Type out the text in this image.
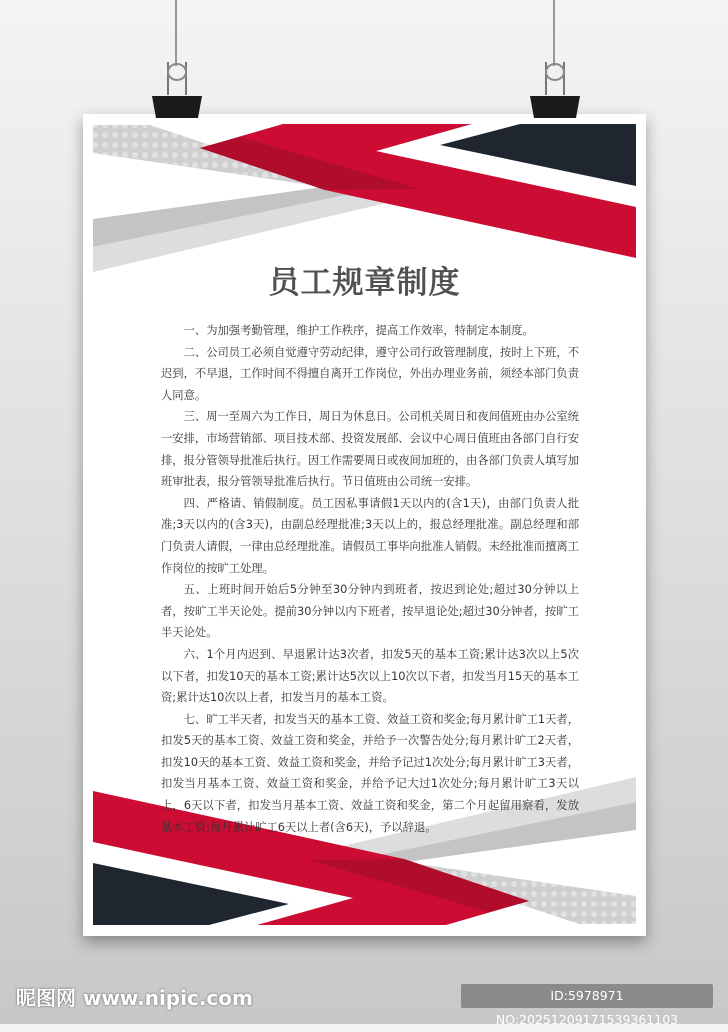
员工规章制度

一、为加强考勤管理，维护工作秩序，提高工作效率，特制定本制度。

二、公司员工必须自觉遵守劳动纪律，遵守公司行政管理制度，按时上下班，不迟到，不早退，工作时间不得擅自离开工作岗位，外出办理业务前，须经本部门负责人同意。

三、周一至周六为工作日，周日为休息日。公司机关周日和夜间值班由办公室统一安排，市场营销部、项目技术部、投资发展部、会议中心周日值班由各部门自行安排，报分管领导批准后执行。因工作需要周日或夜间加班的，由各部门负责人填写加班审批表，报分管领导批准后执行。节日值班由公司统一安排。

四、严格请、销假制度。员工因私事请假1天以内的(含1天)，由部门负责人批准;3天以内的(含3天)，由副总经理批准;3天以上的，报总经理批准。副总经理和部门负责人请假，一律由总经理批准。请假员工事毕向批准人销假。未经批准而擅离工作岗位的按旷工处理。

五、上班时间开始后5分钟至30分钟内到班者，按迟到论处;超过30分钟以上者，按旷工半天论处。提前30分钟以内下班者，按早退论处;超过30分钟者，按旷工半天论处。

六、1个月内迟到、早退累计达3次者，扣发5天的基本工资;累计达3次以上5次以下者，扣发10天的基本工资;累计达5次以上10次以下者，扣发当月15天的基本工资;累计达10次以上者，扣发当月的基本工资。

七、旷工半天者，扣发当天的基本工资、效益工资和奖金;每月累计旷工1天者，扣发5天的基本工资、效益工资和奖金，并给予一次警告处分;每月累计旷工2天者，扣发10天的基本工资、效益工资和奖金，并给予记过1次处分;每月累计旷工3天者，扣发当月基本工资、效益工资和奖金，并给予记大过1次处分;每月累计旷工3天以上，6天以下者，扣发当月基本工资、效益工资和奖金，第二个月起留用察看，发放基本工资;每月累计旷工6天以上者(含6天)，予以辞退。

昵图网 www.nipic.com	ID:5978971 NO:20251209171539361103
